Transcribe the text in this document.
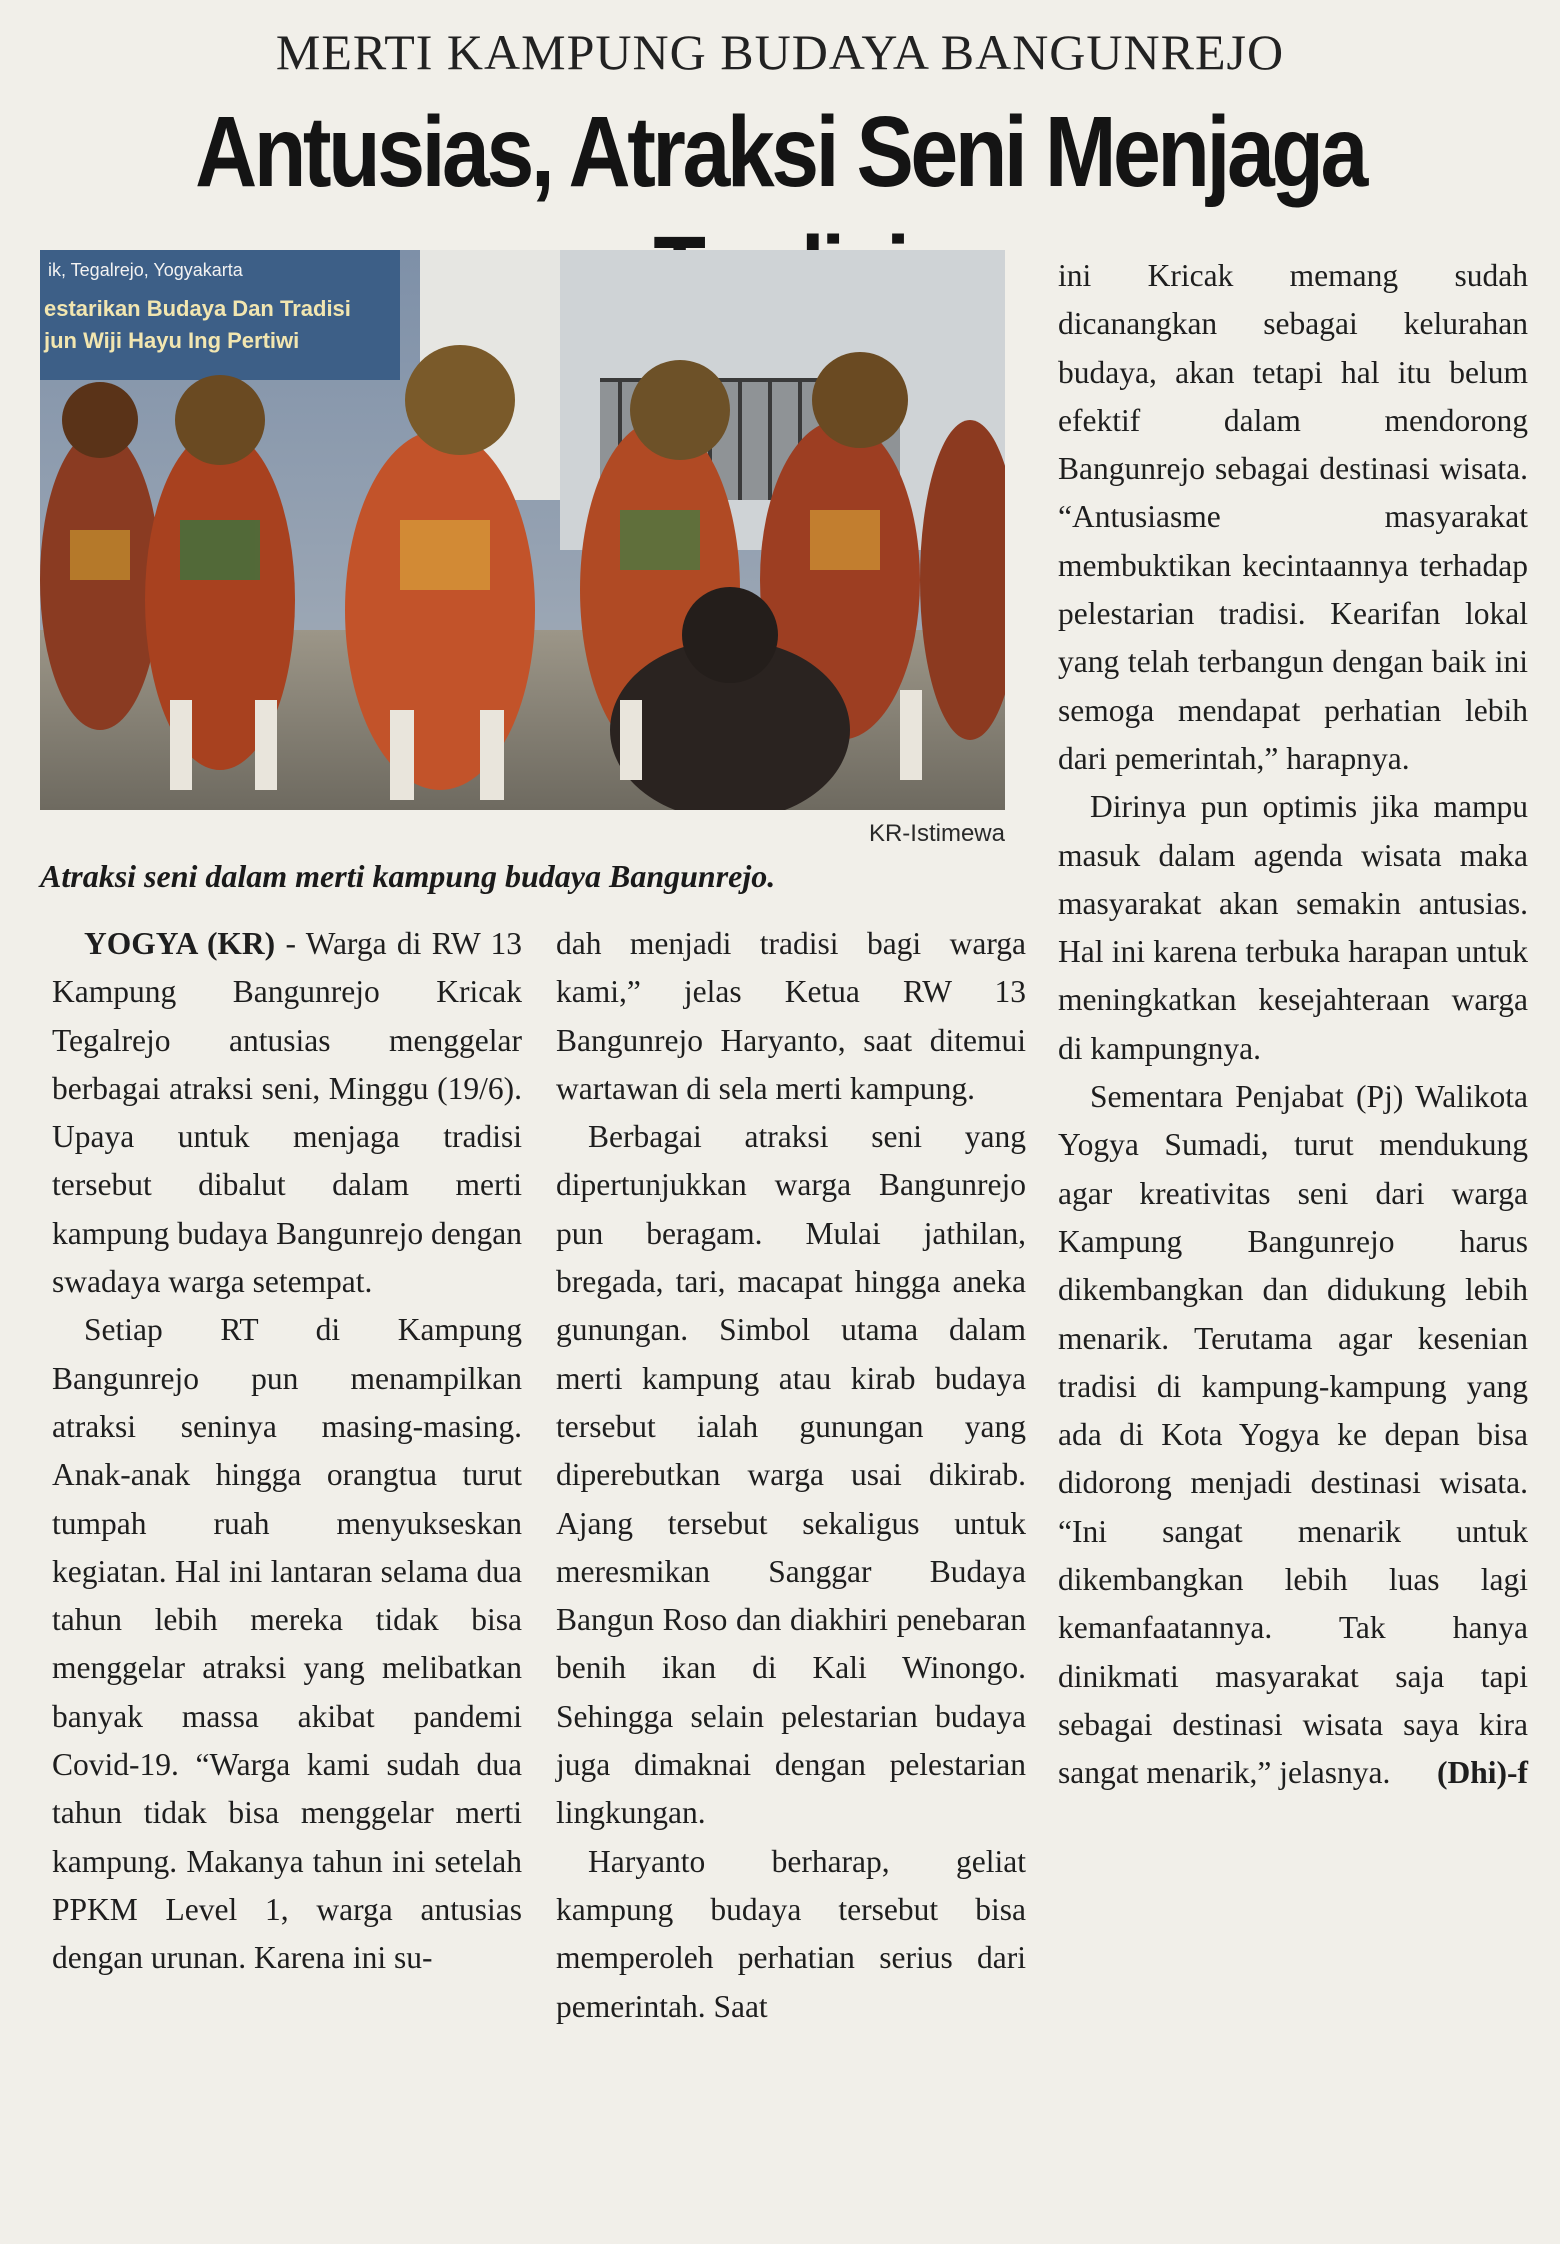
MERTI KAMPUNG BUDAYA BANGUNREJO
Antusias, Atraksi Seni Menjaga
ik, Tegalrejo, Yogyakarta
estarikan Budaya Dan Tradisi
jun Wiji Hayu Ing Pertiwi
KR-Istimewa
Atraksi seni dalam merti kampung budaya Bangunrejo.

YOGYA (KR) - Warga di RW 13 Kampung Bangunrejo Kricak Tegalrejo antusias menggelar berbagai atraksi seni, Minggu (19/6). Upaya untuk menjaga tradisi tersebut dibalut dalam merti kampung budaya Bangunrejo dengan swadaya warga setempat.

Setiap RT di Kampung Bangunrejo pun menampilkan atraksi seninya masing-masing. Anak-anak hingga orangtua turut tumpah ruah menyukseskan kegiatan. Hal ini lantaran selama dua tahun lebih mereka tidak bisa menggelar atraksi yang melibatkan banyak massa akibat pandemi Covid-19. “Warga kami sudah dua tahun tidak bisa menggelar merti kampung. Makanya tahun ini setelah PPKM Level 1, warga antusias dengan urunan. Karena ini su-

dah menjadi tradisi bagi warga kami,” jelas Ketua RW 13 Bangunrejo Haryanto, saat ditemui wartawan di sela merti kampung.

Berbagai atraksi seni yang dipertunjukkan warga Bangunrejo pun beragam. Mulai jathilan, bregada, tari, macapat hingga aneka gunungan. Simbol utama dalam merti kampung atau kirab budaya tersebut ialah gunungan yang diperebutkan warga usai dikirab. Ajang tersebut sekaligus untuk meresmikan Sanggar Budaya Bangun Roso dan diakhiri penebaran benih ikan di Kali Winongo. Sehingga selain pelestarian budaya juga dimaknai dengan pelestarian lingkungan.

Haryanto berharap, geliat kampung budaya tersebut bisa memperoleh perhatian serius dari pemerintah. Saat

ini Kricak memang sudah dicanangkan sebagai kelurahan budaya, akan tetapi hal itu belum efektif dalam mendorong Bangunrejo sebagai destinasi wisata. “Antusiasme masyarakat membuktikan kecintaannya terhadap pelestarian tradisi. Kearifan lokal yang telah terbangun dengan baik ini semoga mendapat perhatian lebih dari pemerintah,” harapnya.

Dirinya pun optimis jika mampu masuk dalam agenda wisata maka masyarakat akan semakin antusias. Hal ini karena terbuka harapan untuk meningkatkan kesejahteraan warga di kampungnya.

Sementara Penjabat (Pj) Walikota Yogya Sumadi, turut mendukung agar kreativitas seni dari warga Kampung Bangunrejo harus dikembangkan dan didukung lebih menarik. Terutama agar kesenian tradisi di kampung-kampung yang ada di Kota Yogya ke depan bisa didorong menjadi destinasi wisata. “Ini sangat menarik untuk dikembangkan lebih luas lagi kemanfaatannya. Tak hanya dinikmati masyarakat saja tapi sebagai destinasi wisata saya kira sangat menarik,” jelasnya.	(Dhi)-f
